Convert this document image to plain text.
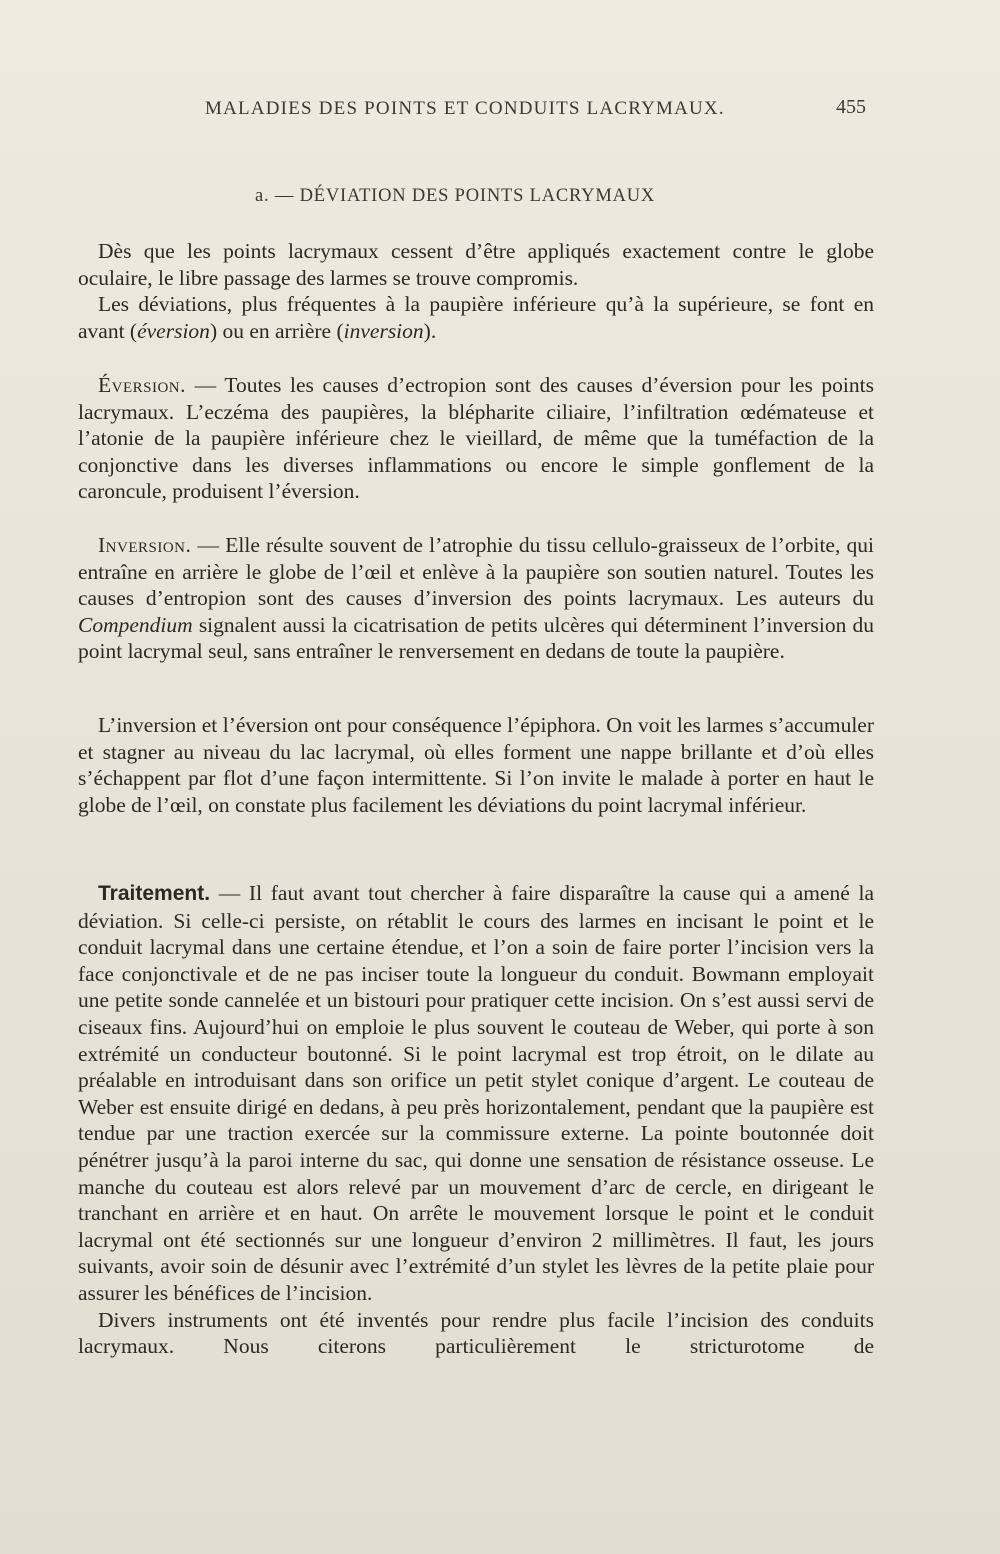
MALADIES DES POINTS ET CONDUITS LACRYMAUX.	455
a. — DÉVIATION DES POINTS LACRYMAUX

Dès que les points lacrymaux cessent d’être appliqués exactement contre le globe oculaire, le libre passage des larmes se trouve compromis.

Les déviations, plus fréquentes à la paupière inférieure qu’à la supérieure, se font en avant (éversion) ou en arrière (inversion).

Éversion. — Toutes les causes d’ectropion sont des causes d’éversion pour les points lacrymaux. L’eczéma des paupières, la blépharite ciliaire, l’infiltration œdémateuse et l’atonie de la paupière inférieure chez le vieillard, de même que la tuméfaction de la conjonctive dans les diverses inflammations ou encore le simple gonflement de la caroncule, produisent l’éversion.

Inversion. — Elle résulte souvent de l’atrophie du tissu cellulo-graisseux de l’orbite, qui entraîne en arrière le globe de l’œil et enlève à la paupière son soutien naturel. Toutes les causes d’entropion sont des causes d’inversion des points lacrymaux. Les auteurs du Compendium signalent aussi la cicatrisation de petits ulcères qui déterminent l’inversion du point lacrymal seul, sans entraîner le renversement en dedans de toute la paupière.

L’inversion et l’éversion ont pour conséquence l’épiphora. On voit les larmes s’accumuler et stagner au niveau du lac lacrymal, où elles forment une nappe brillante et d’où elles s’échappent par flot d’une façon intermittente. Si l’on invite le malade à porter en haut le globe de l’œil, on constate plus facilement les déviations du point lacrymal inférieur.

Traitement. — Il faut avant tout chercher à faire disparaître la cause qui a amené la déviation. Si celle-ci persiste, on rétablit le cours des larmes en incisant le point et le conduit lacrymal dans une certaine étendue, et l’on a soin de faire porter l’incision vers la face conjonctivale et de ne pas inciser toute la longueur du conduit. Bowmann employait une petite sonde cannelée et un bistouri pour pratiquer cette incision. On s’est aussi servi de ciseaux fins. Aujourd’hui on emploie le plus souvent le couteau de Weber, qui porte à son extrémité un conducteur boutonné. Si le point lacrymal est trop étroit, on le dilate au préalable en introduisant dans son orifice un petit stylet conique d’argent. Le couteau de Weber est ensuite dirigé en dedans, à peu près horizontalement, pendant que la paupière est tendue par une traction exercée sur la commissure externe. La pointe boutonnée doit pénétrer jusqu’à la paroi interne du sac, qui donne une sensation de résistance osseuse. Le manche du couteau est alors relevé par un mouvement d’arc de cercle, en dirigeant le tranchant en arrière et en haut. On arrête le mouvement lorsque le point et le conduit lacrymal ont été sectionnés sur une longueur d’environ 2 millimètres. Il faut, les jours suivants, avoir soin de désunir avec l’extrémité d’un stylet les lèvres de la petite plaie pour assurer les bénéfices de l’incision.

Divers instruments ont été inventés pour rendre plus facile l’incision des conduits lacrymaux. Nous citerons particulièrement le stricturotome de
